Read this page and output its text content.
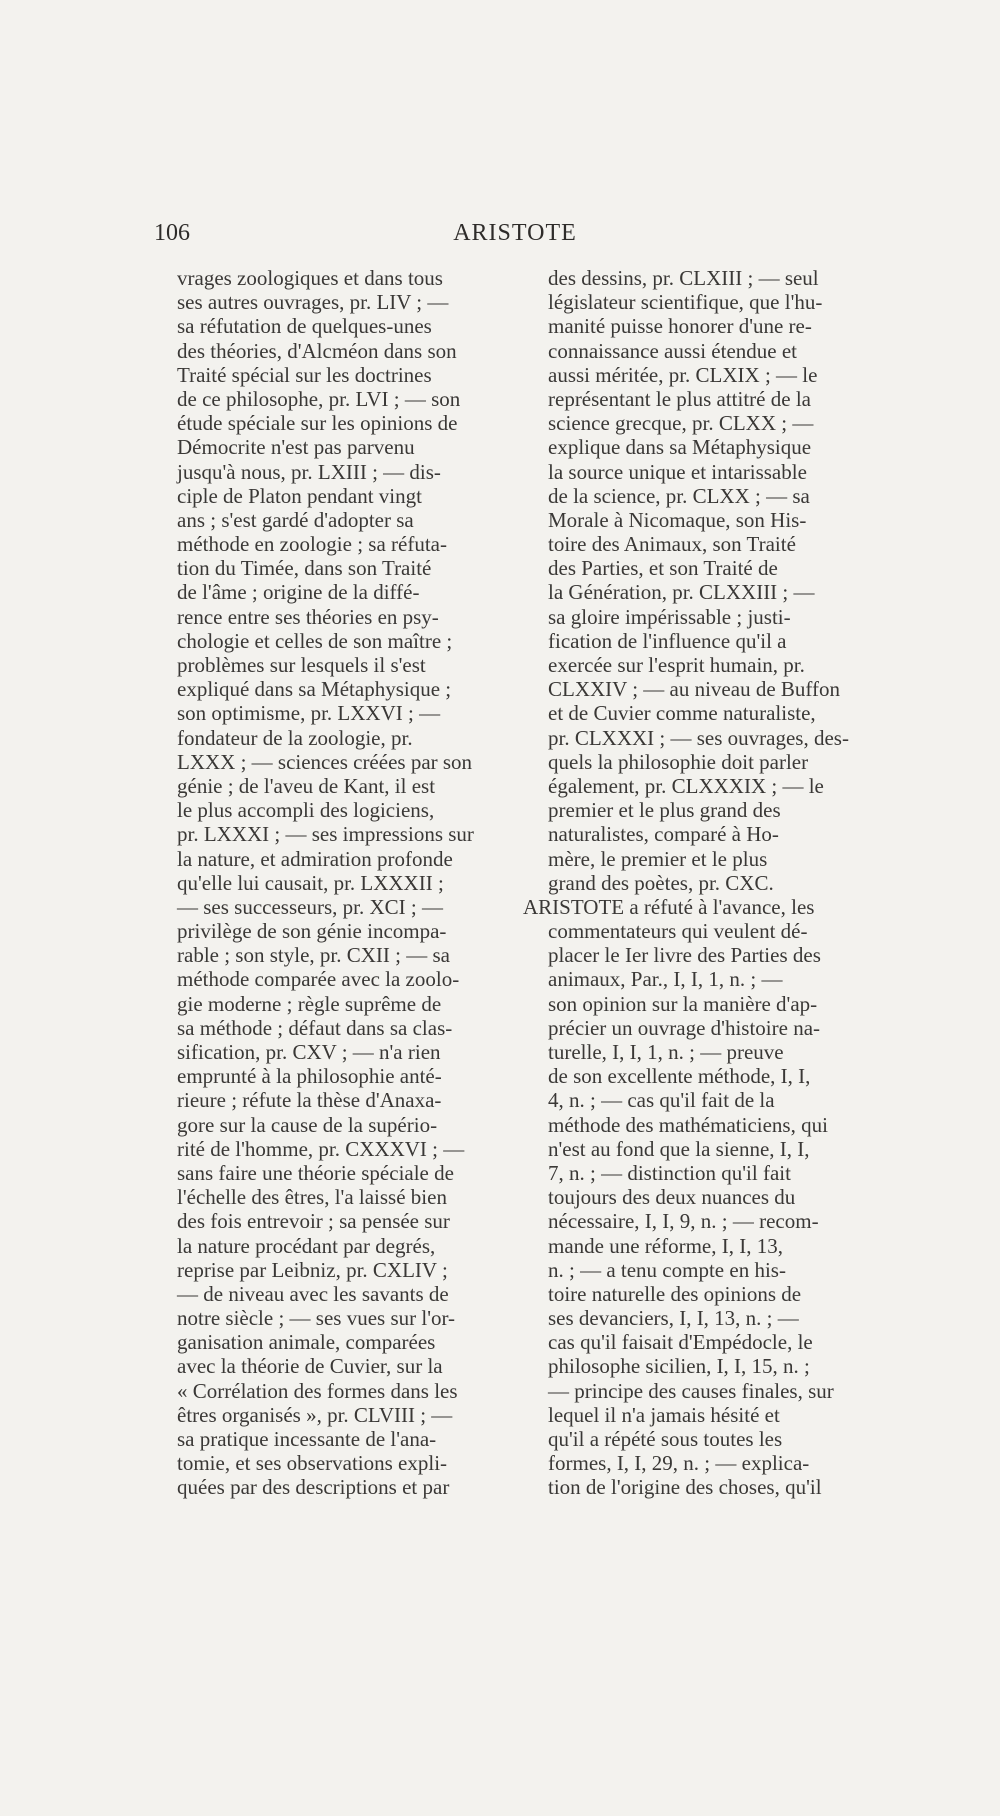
106	ARISTOTE
vrages zoologiques et dans tous
ses autres ouvrages, pr. LIV ; —
sa réfutation de quelques-unes
des théories, d'Alcméon dans son
Traité spécial sur les doctrines
de ce philosophe, pr. LVI ; — son
étude spéciale sur les opinions de
Démocrite n'est pas parvenu
jusqu'à nous, pr. LXIII ; — dis-
ciple de Platon pendant vingt
ans ; s'est gardé d'adopter sa
méthode en zoologie ; sa réfuta-
tion du Timée, dans son Traité
de l'âme ; origine de la diffé-
rence entre ses théories en psy-
chologie et celles de son maître ;
problèmes sur lesquels il s'est
expliqué dans sa Métaphysique ;
son optimisme, pr. LXXVI ; —
fondateur de la zoologie, pr.
LXXX ; — sciences créées par son
génie ; de l'aveu de Kant, il est
le plus accompli des logiciens,
pr. LXXXI ; — ses impressions sur
la nature, et admiration profonde
qu'elle lui causait, pr. LXXXII ;
— ses successeurs, pr. XCI ; —
privilège de son génie incompa-
rable ; son style, pr. CXII ; — sa
méthode comparée avec la zoolo-
gie moderne ; règle suprême de
sa méthode ; défaut dans sa clas-
sification, pr. CXV ; — n'a rien
emprunté à la philosophie anté-
rieure ; réfute la thèse d'Anaxa-
gore sur la cause de la supério-
rité de l'homme, pr. CXXXVI ; —
sans faire une théorie spéciale de
l'échelle des êtres, l'a laissé bien
des fois entrevoir ; sa pensée sur
la nature procédant par degrés,
reprise par Leibniz, pr. CXLIV ;
— de niveau avec les savants de
notre siècle ; — ses vues sur l'or-
ganisation animale, comparées
avec la théorie de Cuvier, sur la
« Corrélation des formes dans les
êtres organisés », pr. CLVIII ; —
sa pratique incessante de l'ana-
tomie, et ses observations expli-
quées par des descriptions et par
des dessins, pr. CLXIII ; — seul
législateur scientifique, que l'hu-
manité puisse honorer d'une re-
connaissance aussi étendue et
aussi méritée, pr. CLXIX ; — le
représentant le plus attitré de la
science grecque, pr. CLXX ; —
explique dans sa Métaphysique
la source unique et intarissable
de la science, pr. CLXX ; — sa
Morale à Nicomaque, son His-
toire des Animaux, son Traité
des Parties, et son Traité de
la Génération, pr. CLXXIII ; —
sa gloire impérissable ; justi-
fication de l'influence qu'il a
exercée sur l'esprit humain, pr.
CLXXIV ; — au niveau de Buffon
et de Cuvier comme naturaliste,
pr. CLXXXI ; — ses ouvrages, des-
quels la philosophie doit parler
également, pr. CLXXXIX ; — le
premier et le plus grand des
naturalistes, comparé à Ho-
mère, le premier et le plus
grand des poètes, pr. CXC.
ARISTOTE a réfuté à l'avance, les
commentateurs qui veulent dé-
placer le Ier livre des Parties des
animaux, Par., I, I, 1, n. ; —
son opinion sur la manière d'ap-
précier un ouvrage d'histoire na-
turelle, I, I, 1, n. ; — preuve
de son excellente méthode, I, I,
4, n. ; — cas qu'il fait de la
méthode des mathématiciens, qui
n'est au fond que la sienne, I, I,
7, n. ; — distinction qu'il fait
toujours des deux nuances du
nécessaire, I, I, 9, n. ; — recom-
mande une réforme, I, I, 13,
n. ; — a tenu compte en his-
toire naturelle des opinions de
ses devanciers, I, I, 13, n. ; —
cas qu'il faisait d'Empédocle, le
philosophe sicilien, I, I, 15, n. ;
— principe des causes finales, sur
lequel il n'a jamais hésité et
qu'il a répété sous toutes les
formes, I, I, 29, n. ; — explica-
tion de l'origine des choses, qu'il
